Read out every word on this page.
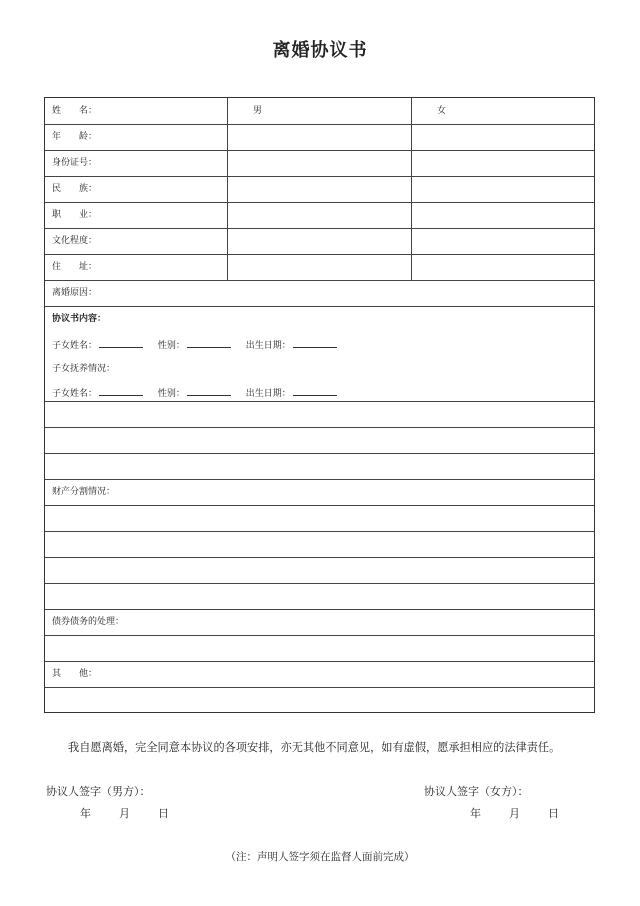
离婚协议书
姓　　名：	男	女
年　　龄：
身份证号：
民　　族：
职　　业：
文化程度：
住　　址：
离婚原因：
协议书内容：
子女姓名：	性别：	出生日期：
子女抚养情况：
子女姓名：	性别：	出生日期：
财产分割情况：
债券债务的处理：
其　　他：
我自愿离婚，完全同意本协议的各项安排，亦无其他不同意见，如有虚假，愿承担相应的法律责任。
协议人签字（男方）：	协议人签字（女方）：
年	月	日	年	月	日
（注：声明人签字须在监督人面前完成）
